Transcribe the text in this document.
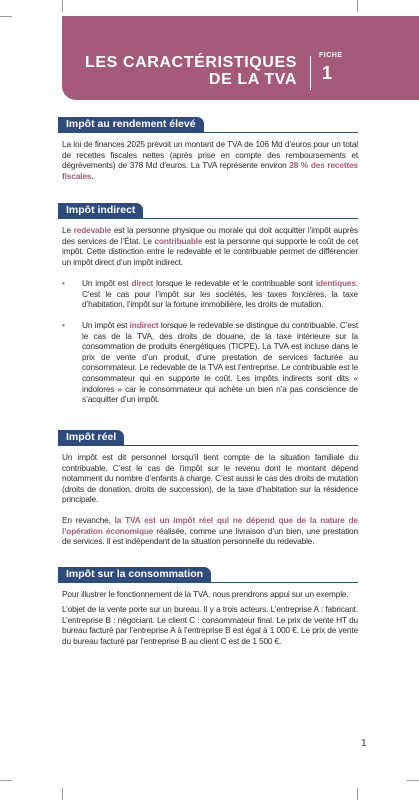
LES CARACTÉRISTIQUES
DE LA TVA
FICHE
1
Impôt au rendement élevé
La loi de finances 2025 prévoit un montant de TVA de 106 Md d’euros pour un total de recettes fiscales nettes (après prise en compte des remboursements et dégrèvements) de 378 Md d’euros. La TVA représente environ 28 % des recettes fiscales.
Impôt indirect
Le redevable est la personne physique ou morale qui doit acquitter l’impôt auprès des services de l’État. Le contribuable est la personne qui supporte le coût de cet impôt. Cette distinction entre le redevable et le contribuable permet de différencier un impôt direct d’un impôt indirect.
• Un impôt est direct lorsque le redevable et le contribuable sont identiques. C’est le cas pour l’impôt sur les sociétés, les taxes foncières, la taxe d’habitation, l’impôt sur la fortune immobilière, les droits de mutation.
• Un impôt est indirect lorsque le redevable se distingue du contribuable. C’est le cas de la TVA, des droits de douane, de la taxe intérieure sur la consommation de produits énergétiques (TICPE). La TVA est incluse dans le prix de vente d’un produit, d’une prestation de services facturée au consommateur. Le redevable de la TVA est l’entreprise. Le contribuable est le consommateur qui en supporte le coût. Les impôts indirects sont dits « indolores » car le consommateur qui achète un bien n’a pas conscience de s’acquitter d’un impôt.
Impôt réel
Un impôt est dit personnel lorsqu’il tient compte de la situation familiale du contribuable. C’est le cas de l’impôt sur le revenu dont le montant dépend notamment du nombre d’enfants à charge. C’est aussi le cas des droits de mutation (droits de donation, droits de succession), de la taxe d’habitation sur la résidence principale.
En revanche, la TVA est un impôt réel qui ne dépend que de la nature de l’opération économique réalisée, comme une livraison d’un bien, une prestation de services. Il est indépendant de la situation personnelle du redevable.
Impôt sur la consommation
Pour illustrer le fonctionnement de la TVA, nous prendrons appui sur un exemple.
L’objet de la vente porte sur un bureau. Il y a trois acteurs. L’entreprise A : fabricant. L’entreprise B : négociant. Le client C : consommateur final. Le prix de vente HT du bureau facturé par l’entreprise A à l’entreprise B est égal à 1 000 €. Le prix de vente du bureau facturé par l’entreprise B au client C est de 1 500 €.
1
